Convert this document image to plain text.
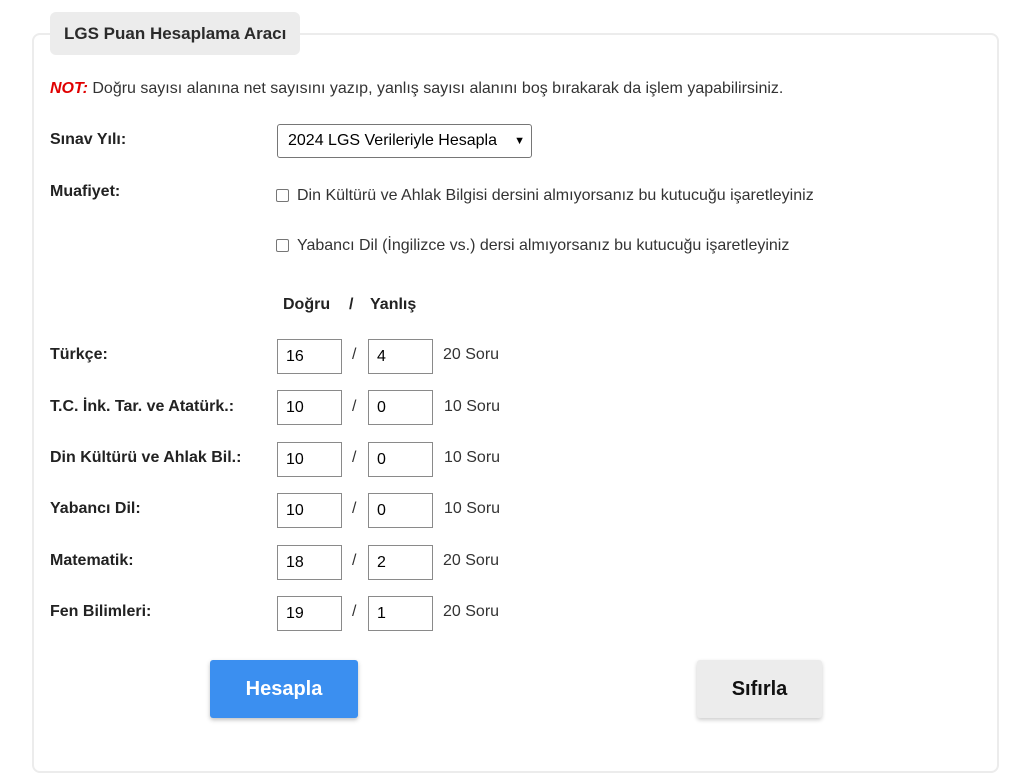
LGS Puan Hesaplama Aracı
NOT: Doğru sayısı alanına net sayısını yazıp, yanlış sayısı alanını boş bırakarak da işlem yapabilirsiniz.
Sınav Yılı:	2024 LGS Verileriyle Hesapla ▼
Muafiyet:	Din Kültürü ve Ahlak Bilgisi dersini almıyorsanız bu kutucuğu işaretleyiniz
Yabancı Dil (İngilizce vs.) dersi almıyorsanız bu kutucuğu işaretleyiniz
Doğru / Yanlış
Türkçe:	16	/	4	20 Soru
T.C. İnk. Tar. ve Atatürk.:	10	/	0	10 Soru
Din Kültürü ve Ahlak Bil.:	10	/	0	10 Soru
Yabancı Dil:	10	/	0	10 Soru
Matematik:	18	/	2	20 Soru
Fen Bilimleri:	19	/	1	20 Soru
Hesapla	Sıfırla
